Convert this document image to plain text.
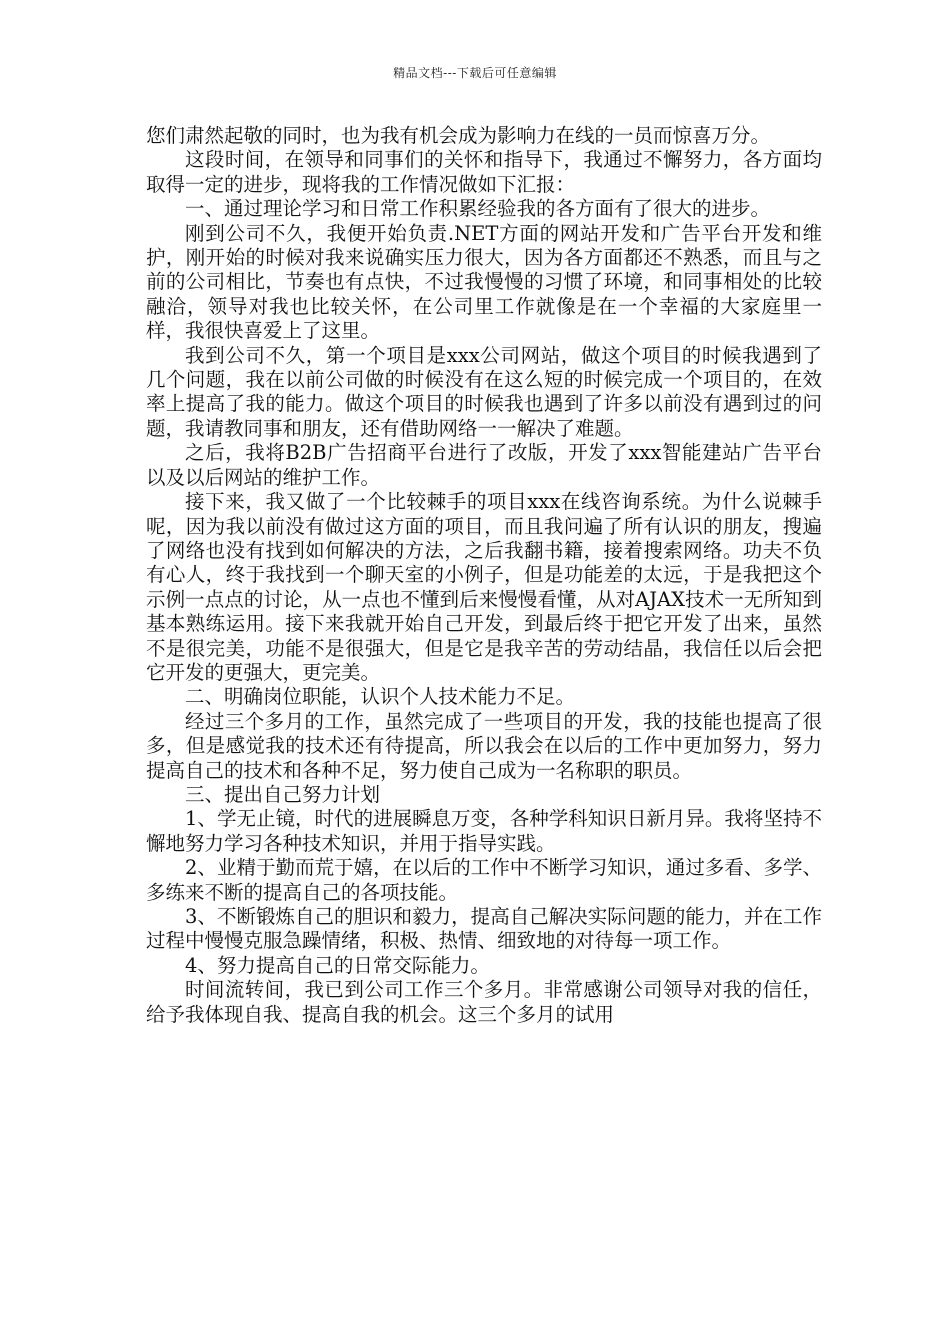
精品文档---下载后可任意编辑

您们肃然起敬的同时，也为我有机会成为影响力在线的一员而惊喜万分。

这段时间，在领导和同事们的关怀和指导下，我通过不懈努力，各方面均取得一定的进步，现将我的工作情况做如下汇报：

一、通过理论学习和日常工作积累经验我的各方面有了很大的进步。

刚到公司不久，我便开始负责.NET方面的网站开发和广告平台开发和维护，刚开始的时候对我来说确实压力很大，因为各方面都还不熟悉，而且与之前的公司相比，节奏也有点快，不过我慢慢的习惯了环境，和同事相处的比较融洽，领导对我也比较关怀，在公司里工作就像是在一个幸福的大家庭里一样，我很快喜爱上了这里。

我到公司不久，第一个项目是xxx公司网站，做这个项目的时候我遇到了几个问题，我在以前公司做的时候没有在这么短的时候完成一个项目的，在效率上提高了我的能力。做这个项目的时候我也遇到了许多以前没有遇到过的问题，我请教同事和朋友，还有借助网络一一解决了难题。

之后，我将B2B广告招商平台进行了改版，开发了xxx智能建站广告平台以及以后网站的维护工作。

接下来，我又做了一个比较棘手的项目xxx在线咨询系统。为什么说棘手呢，因为我以前没有做过这方面的项目，而且我问遍了所有认识的朋友，搜遍了网络也没有找到如何解决的方法，之后我翻书籍，接着搜索网络。功夫不负有心人，终于我找到一个聊天室的小例子，但是功能差的太远，于是我把这个示例一点点的讨论，从一点也不懂到后来慢慢看懂，从对AJAX技术一无所知到基本熟练运用。接下来我就开始自己开发，到最后终于把它开发了出来，虽然不是很完美，功能不是很强大，但是它是我辛苦的劳动结晶，我信任以后会把它开发的更强大，更完美。

二、明确岗位职能，认识个人技术能力不足。

经过三个多月的工作，虽然完成了一些项目的开发，我的技能也提高了很多，但是感觉我的技术还有待提高，所以我会在以后的工作中更加努力，努力提高自己的技术和各种不足，努力使自己成为一名称职的职员。

三、提出自己努力计划

1、学无止镜，时代的进展瞬息万变，各种学科知识日新月异。我将坚持不懈地努力学习各种技术知识，并用于指导实践。

2、业精于勤而荒于嬉，在以后的工作中不断学习知识，通过多看、多学、多练来不断的提高自己的各项技能。

3、不断锻炼自己的胆识和毅力，提高自己解决实际问题的能力，并在工作过程中慢慢克服急躁情绪，积极、热情、细致地的对待每一项工作。

4、努力提高自己的日常交际能力。

时间流转间，我已到公司工作三个多月。非常感谢公司领导对我的信任，给予我体现自我、提高自我的机会。这三个多月的试用
